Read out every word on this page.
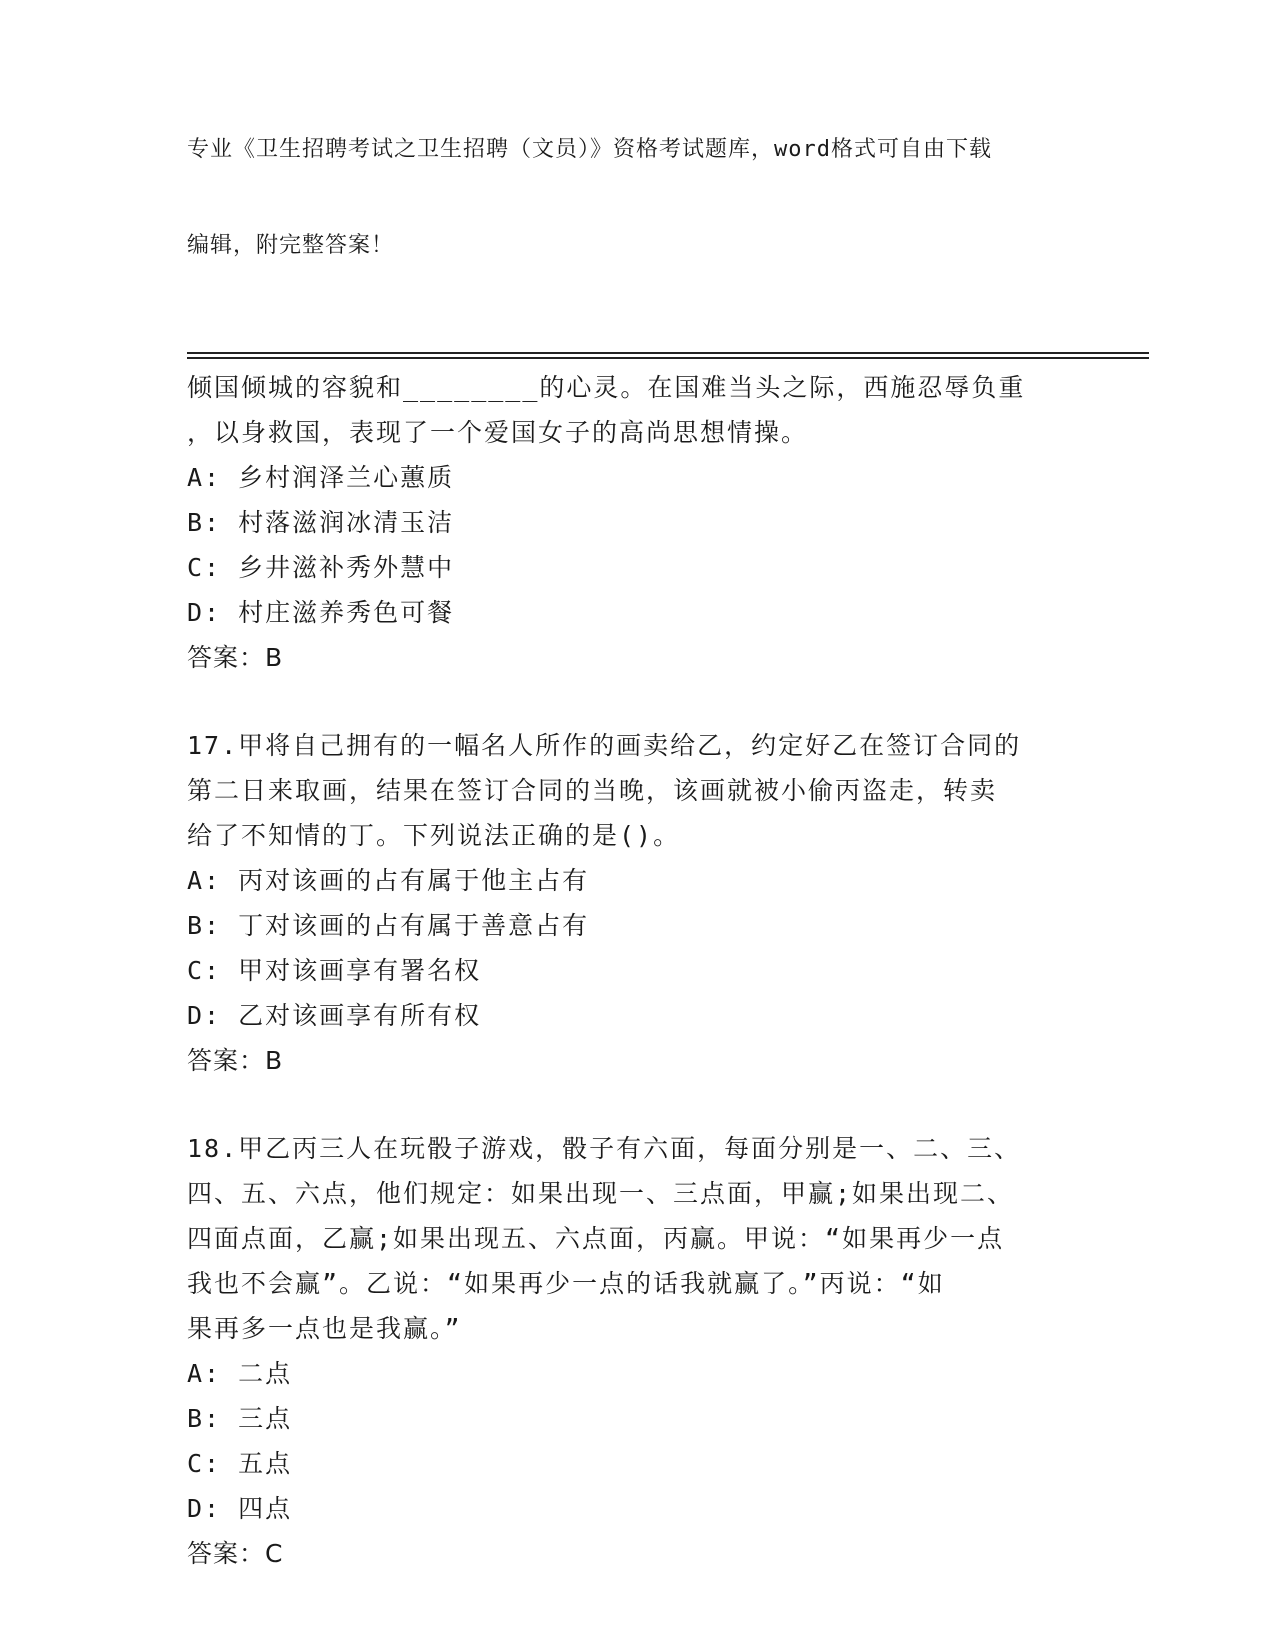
专业《卫生招聘考试之卫生招聘（文员）》资格考试题库，word格式可自由下载

编辑，附完整答案！

倾国倾城的容貌和________的心灵。在国难当头之际，西施忍辱负重
，以身救国，表现了一个爱国女子的高尚思想情操。
A: 乡村润泽兰心蕙质
B: 村落滋润冰清玉洁
C: 乡井滋补秀外慧中
D: 村庄滋养秀色可餐
答案：B
17.甲将自己拥有的一幅名人所作的画卖给乙，约定好乙在签订合同的
第二日来取画，结果在签订合同的当晚，该画就被小偷丙盗走，转卖
给了不知情的丁。下列说法正确的是()。
A: 丙对该画的占有属于他主占有
B: 丁对该画的占有属于善意占有
C: 甲对该画享有署名权
D: 乙对该画享有所有权
答案：B
18.甲乙丙三人在玩骰子游戏，骰子有六面，每面分别是一、二、三、
四、五、六点，他们规定：如果出现一、三点面，甲赢;如果出现二、
四面点面，乙赢;如果出现五、六点面，丙赢。甲说：“如果再少一点
我也不会赢”。乙说：“如果再少一点的话我就赢了。”丙说：“如
果再多一点也是我赢。”
A: 二点
B: 三点
C: 五点
D: 四点
答案：C
